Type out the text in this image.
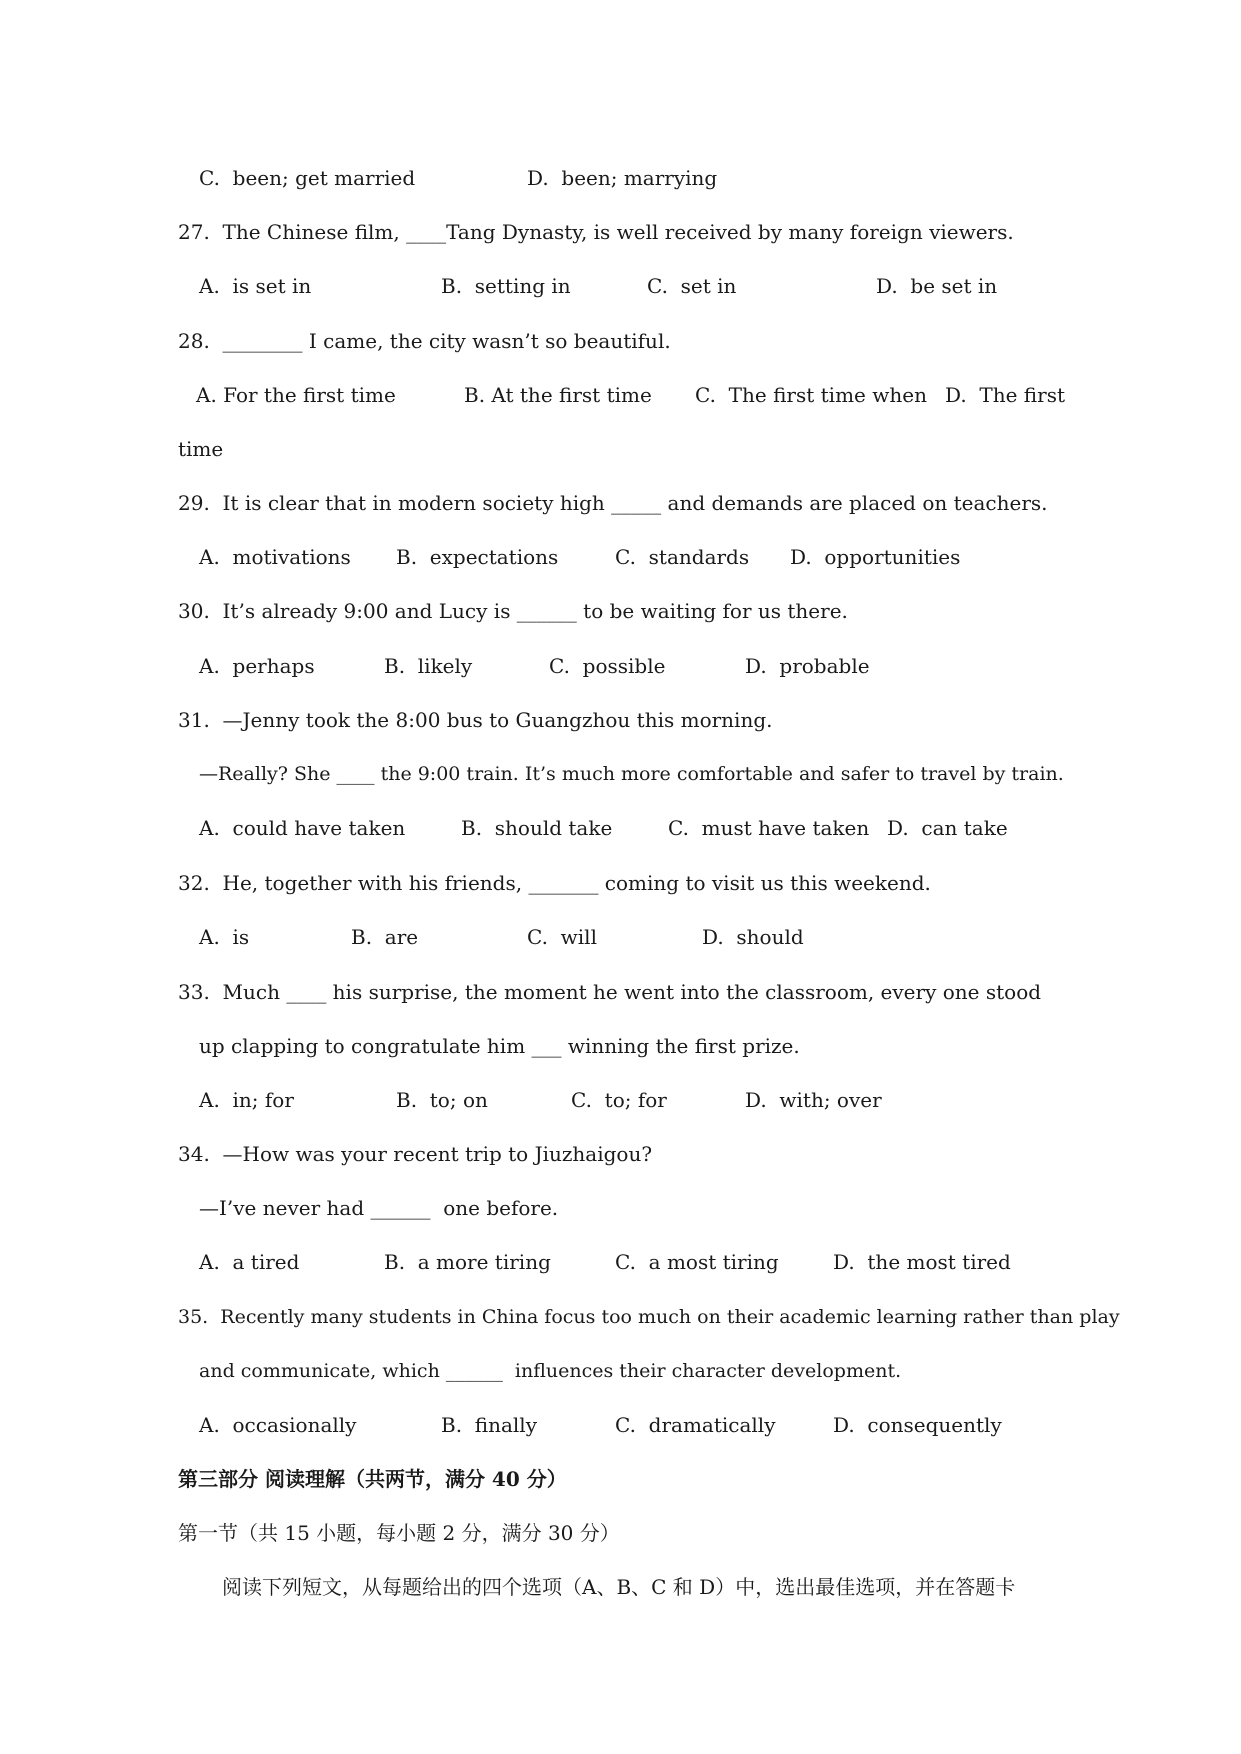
C.  been; get married	D.  been; marrying
27.  The Chinese film, ____Tang Dynasty, is well received by many foreign viewers.
A.  is set in	B.  setting in	C.  set in	D.  be set in
28.  ________ I came, the city wasn’t so beautiful.
A. For the first time	B. At the first time C.  The first time when D.  The first
time
29.  It is clear that in modern society high _____ and demands are placed on teachers.
A.  motivations B.  expectations	C.  standards D.  opportunities
30.  It’s already 9:00 and Lucy is ______ to be waiting for us there.
A.  perhaps	B.  likely	C.  possible	D.  probable
31.  —Jenny took the 8:00 bus to Guangzhou this morning.
—Really? She ____ the 9:00 train. It’s much more comfortable and safer to travel by train.
A.  could have taken	B.  should take	C.  must have taken D.  can take
32.  He, together with his friends, _______ coming to visit us this weekend.
A.  is	B.  are	C.  will	D.  should
33.  Much ____ his surprise, the moment he went into the classroom, every one stood
up clapping to congratulate him ___ winning the first prize.
A.  in; for	B.  to; on	C.  to; for	D.  with; over
34.  —How was your recent trip to Jiuzhaigou?
—I’ve never had ______  one before.
A.  a tired	B.  a more tiring	C.  a most tiring	D.  the most tired
35.  Recently many students in China focus too much on their academic learning rather than play
and communicate, which ______  influences their character development.
A.  occasionally	B.  finally	C.  dramatically	D.  consequently
第三部分 阅读理解（共两节，满分 40 分）
第一节（共 15 小题，每小题 2 分，满分 30 分）
阅读下列短文，从每题给出的四个选项（A、B、C 和 D）中，选出最佳选项，并在答题卡
